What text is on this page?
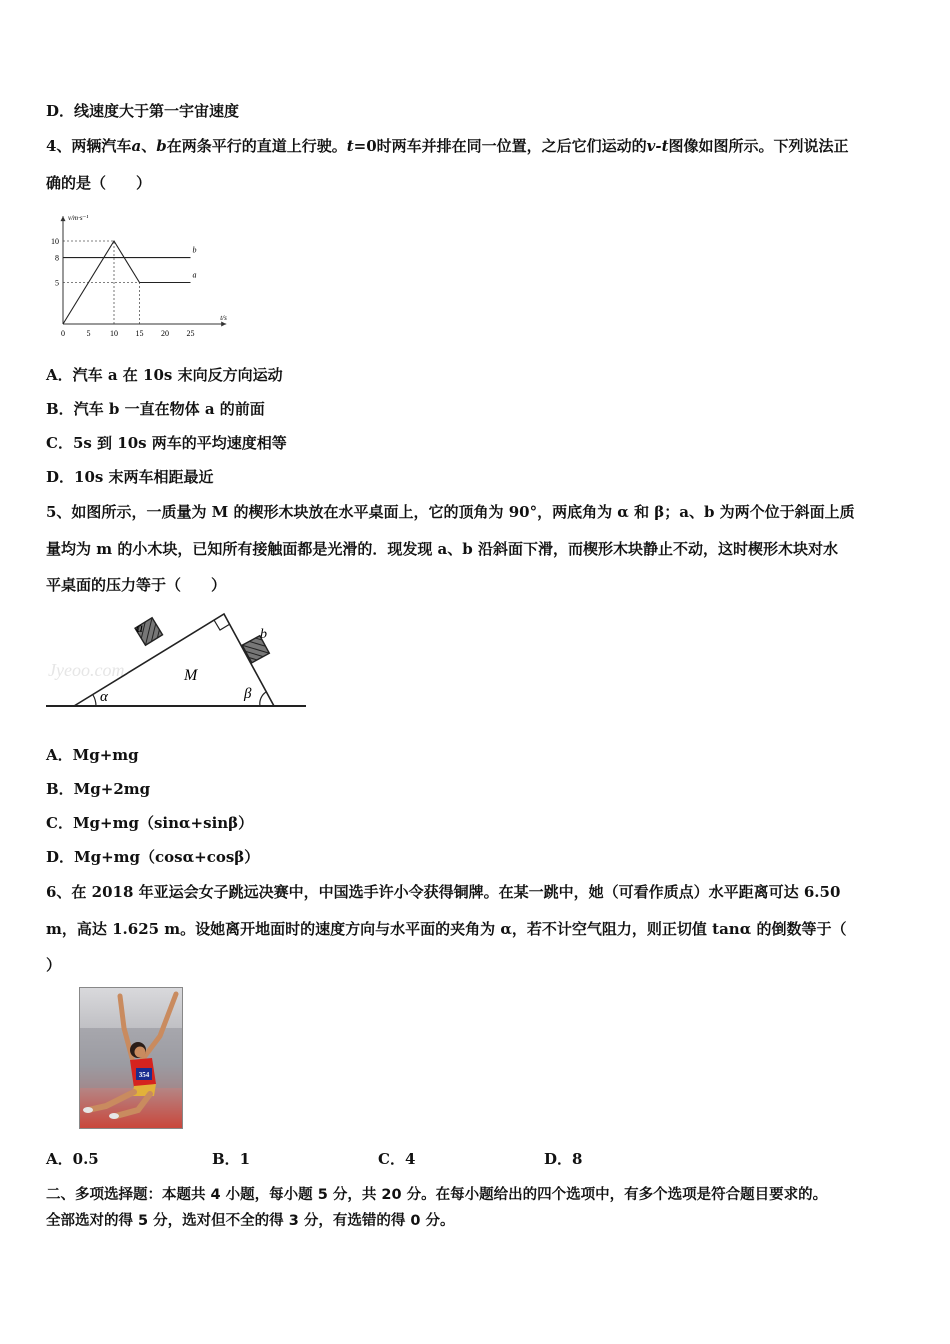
D．线速度大于第一宇宙速度
4、两辆汽车a、b在两条平行的直道上行驶。t=0时两车并排在同一位置，之后它们运动的v-t图像如图所示。下列说法正
确的是（　　）
b
a
0	5 10 15 20 25
5
8
10
t/s
v/m·s⁻¹
A．汽车 a 在 10s 末向反方向运动
B．汽车 b 一直在物体 a 的前面
C．5s 到 10s 两车的平均速度相等
D．10s 末两车相距最近
5、如图所示，一质量为 M 的楔形木块放在水平桌面上，它的顶角为 90°，两底角为 α 和 β；a、b 为两个位于斜面上质
量均为 m 的小木块，已知所有接触面都是光滑的．现发现 a、b 沿斜面下滑，而楔形木块静止不动，这时楔形木块对水
平桌面的压力等于（　　）
Jyeoo.com
a	b
M
α	β
A．Mg+mg
B．Mg+2mg
C．Mg+mg（sinα+sinβ）
D．Mg+mg（cosα+cosβ）
6、在 2018 年亚运会女子跳远决赛中，中国选手许小令获得铜牌。在某一跳中，她（可看作质点）水平距离可达 6.50
m，高达 1.625 m。设她离开地面时的速度方向与水平面的夹角为 α，若不计空气阻力，则正切值 tanα 的倒数等于（
）
354
A．0.5	B．1	C．4	D．8
二、多项选择题：本题共 4 小题，每小题 5 分，共 20 分。在每小题给出的四个选项中，有多个选项是符合题目要求的。
全部选对的得 5 分，选对但不全的得 3 分，有选错的得 0 分。
